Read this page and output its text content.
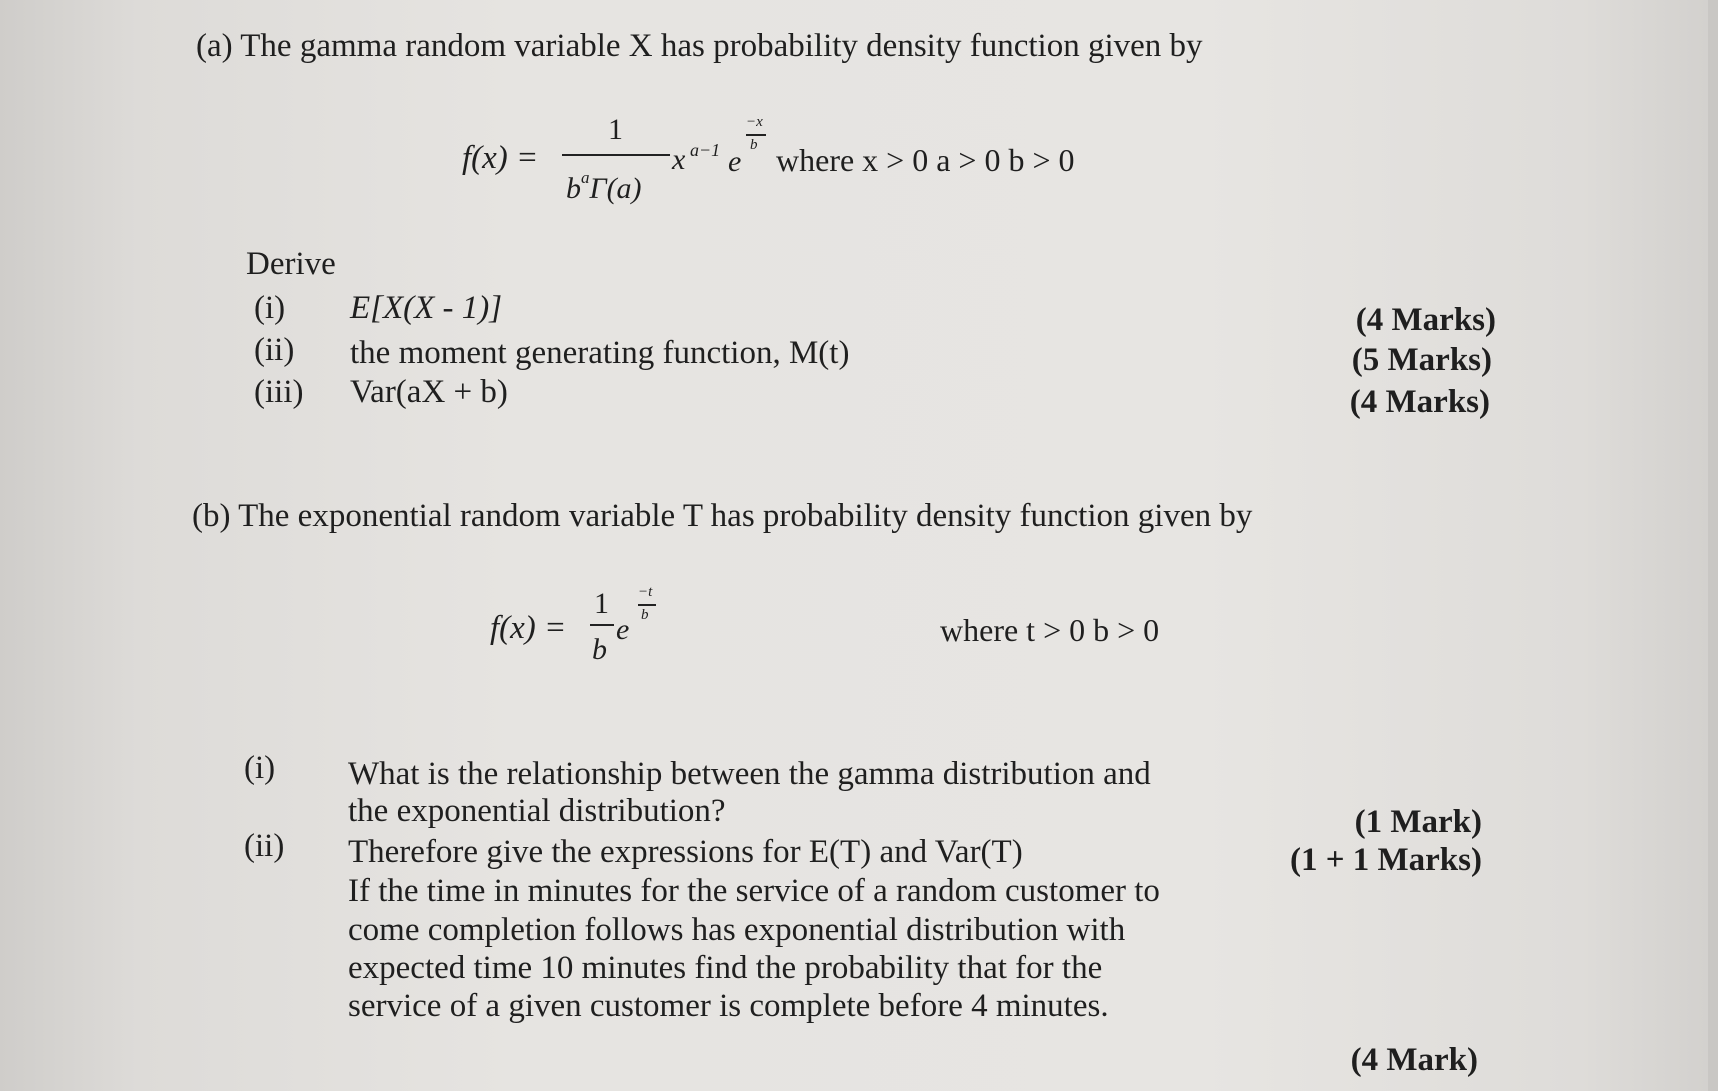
(a) The gamma random variable X has probability density function given by
f(x) =
1
$b^a\Gamma(a)$
x a−1 e
−x
b where x > 0 a > 0 b > 0
Derive
(i) E[X(X - 1)]	(4 Marks)
(ii) the moment generating function, M(t)	(5 Marks)
(iii) Var(aX + b)	(4 Marks)
(b) The exponential random variable T has probability density function given by
f(x) =
1
b
e
−t
b	where t > 0 b > 0
(i) What is the relationship between the gamma distribution and
the exponential distribution?	(1 Mark)
(ii) Therefore give the expressions for E(T) and Var(T)
If the time in minutes for the service of a random customer to
come completion follows has exponential distribution with
expected time 10 minutes find the probability that for the
service of a given customer is complete before 4 minutes.
(1 + 1 Marks)
(4 Mark)
